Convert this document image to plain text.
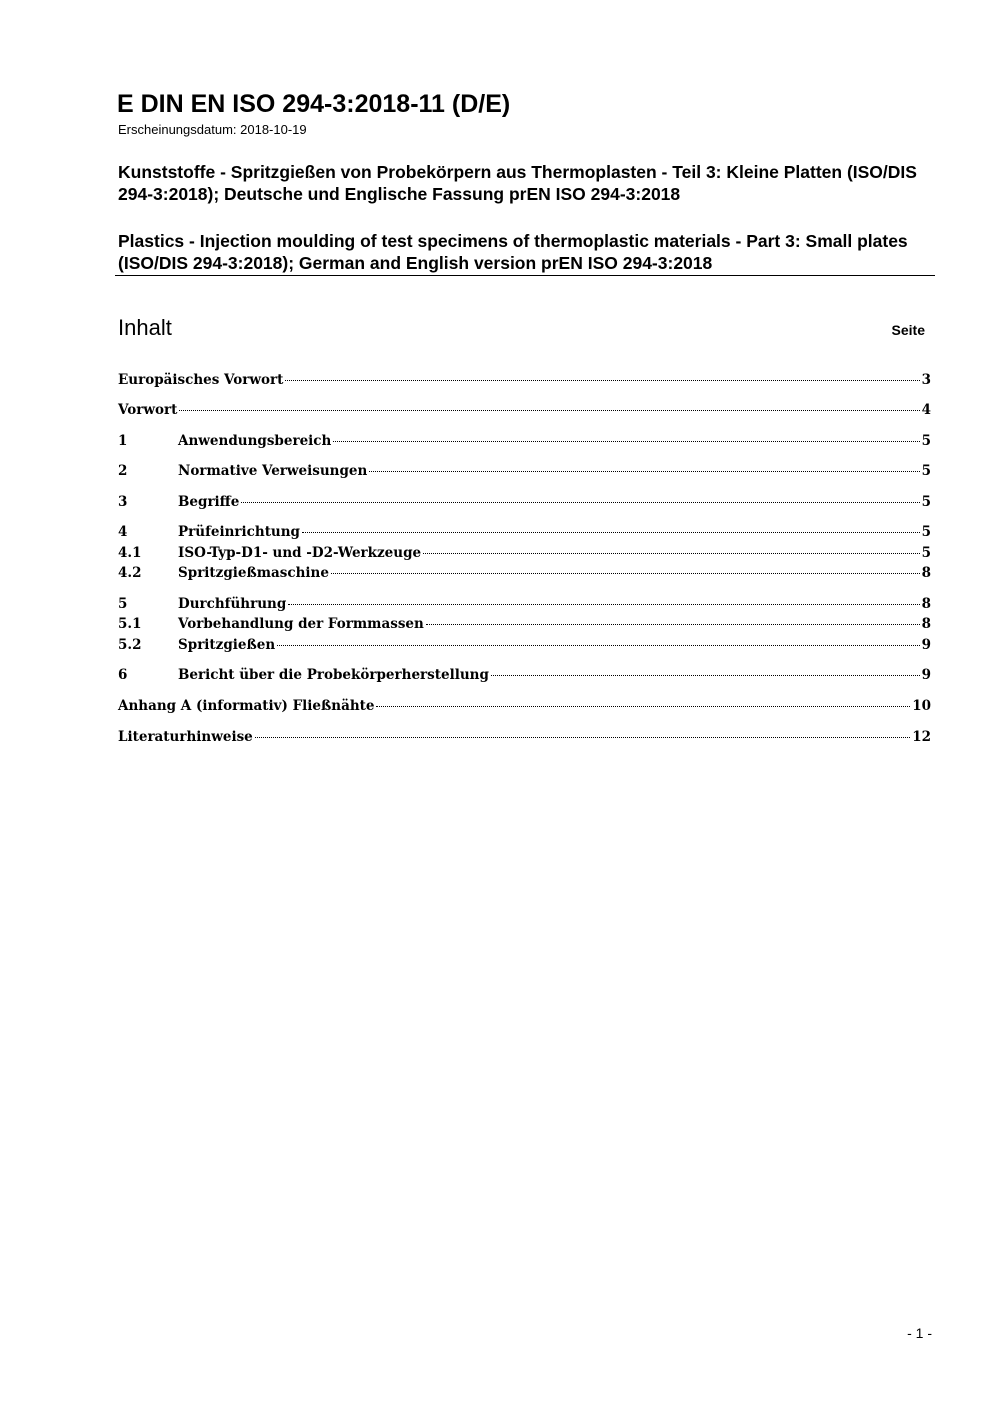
E DIN EN ISO 294-3:2018-11 (D/E)
Erscheinungsdatum: 2018-10-19
Kunststoffe - Spritzgießen von Probekörpern aus Thermoplasten - Teil 3: Kleine Platten (ISO/DIS 294-3:2018); Deutsche und Englische Fassung prEN ISO 294-3:2018
Plastics - Injection moulding of test specimens of thermoplastic materials - Part 3: Small plates (ISO/DIS 294-3:2018); German and English version prEN ISO 294-3:2018
Inhalt	Seite
Europäisches Vorwort	3
Vorwort	4
1	Anwendungsbereich	5
2	Normative Verweisungen	5
3	Begriffe	5
4	Prüfeinrichtung	5
4.1	ISO-Typ-D1- und -D2-Werkzeuge	5
4.2	Spritzgießmaschine	8
5	Durchführung	8
5.1	Vorbehandlung der Formmassen	8
5.2	Spritzgießen	9
6	Bericht über die Probekörperherstellung	9
Anhang A (informativ) Fließnähte	10
Literaturhinweise	12
- 1 -
